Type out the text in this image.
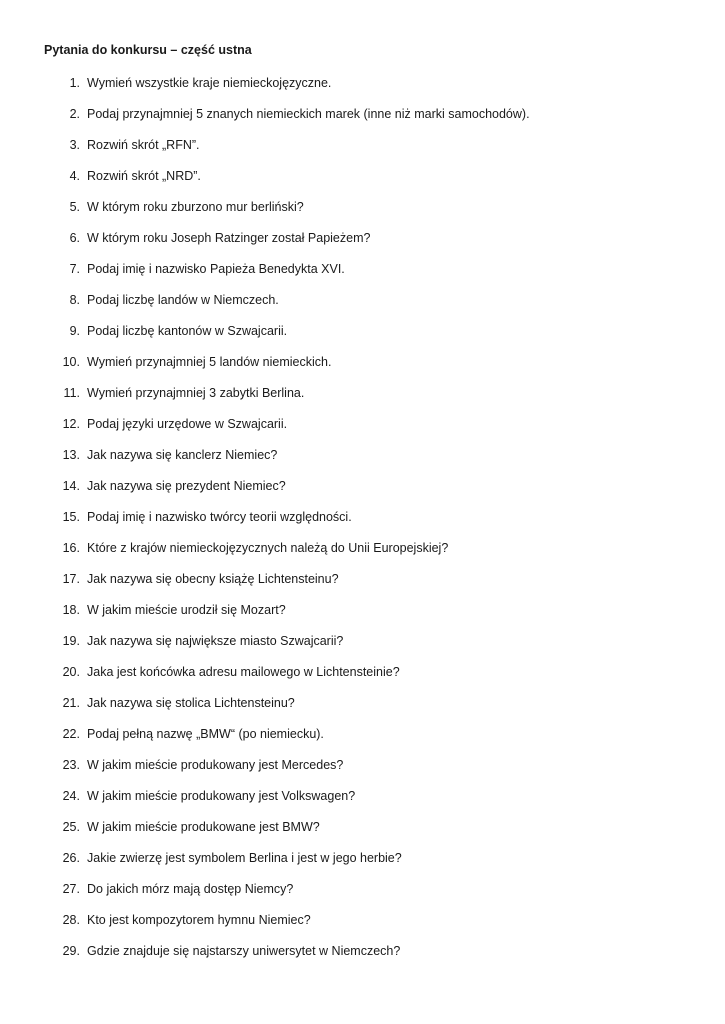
Pytania do konkursu – część ustna
1. Wymień wszystkie kraje niemieckojęzyczne.
2. Podaj przynajmniej 5 znanych niemieckich marek (inne niż marki samochodów).
3. Rozwiń skrót „RFN”.
4. Rozwiń skrót „NRD”.
5. W którym roku zburzono mur berliński?
6. W którym roku Joseph Ratzinger został Papieżem?
7. Podaj imię i nazwisko Papieża Benedykta XVI.
8. Podaj liczbę landów w Niemczech.
9. Podaj liczbę kantonów w Szwajcarii.
10. Wymień przynajmniej 5 landów niemieckich.
11. Wymień przynajmniej 3 zabytki Berlina.
12. Podaj języki urzędowe w Szwajcarii.
13. Jak nazywa się kanclerz Niemiec?
14. Jak nazywa się prezydent Niemiec?
15. Podaj imię i nazwisko twórcy teorii względności.
16. Które z krajów niemieckojęzycznych należą do Unii Europejskiej?
17. Jak nazywa się obecny książę Lichtensteinu?
18. W jakim mieście urodził się Mozart?
19. Jak nazywa się największe miasto Szwajcarii?
20. Jaka jest końcówka adresu mailowego w Lichtensteinie?
21. Jak nazywa się stolica Lichtensteinu?
22. Podaj pełną nazwę „BMW“ (po niemiecku).
23. W jakim mieście produkowany jest Mercedes?
24. W jakim mieście produkowany jest Volkswagen?
25. W jakim mieście produkowane jest BMW?
26. Jakie zwierzę jest symbolem Berlina i jest w jego herbie?
27. Do jakich mórz mają dostęp Niemcy?
28. Kto jest kompozytorem hymnu Niemiec?
29. Gdzie znajduje się najstarszy uniwersytet w Niemczech?
